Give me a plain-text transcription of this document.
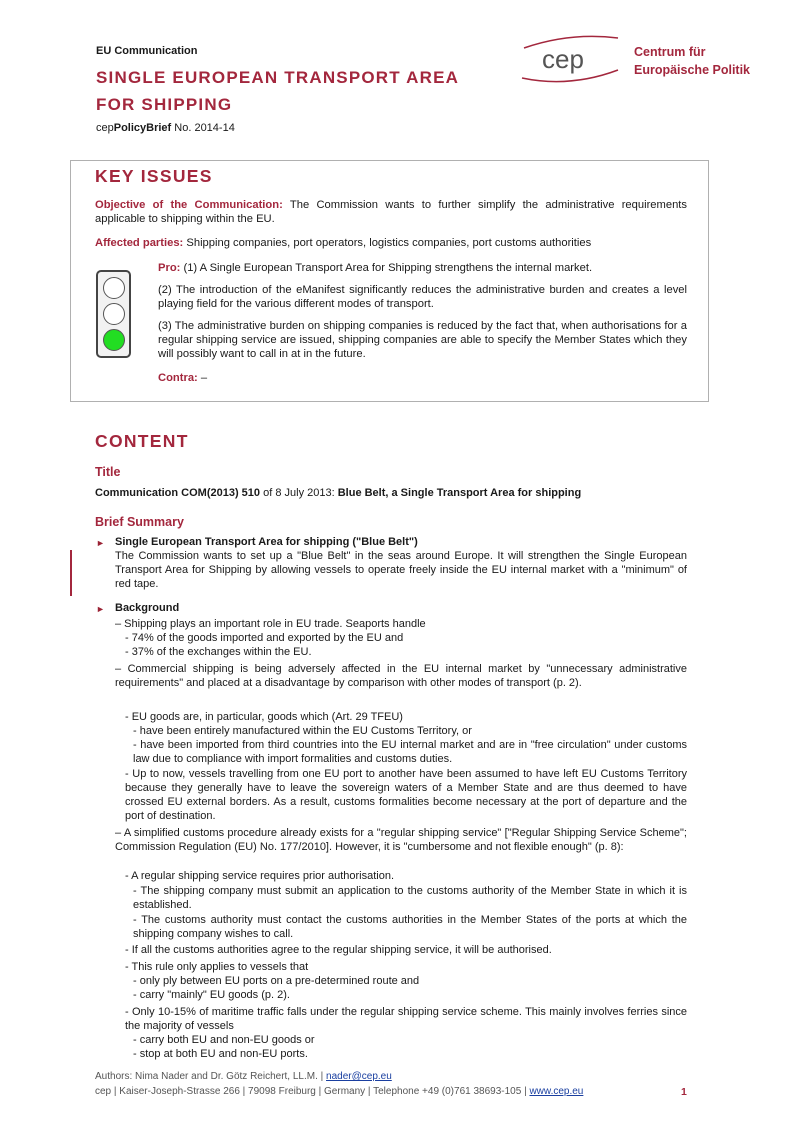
EU Communication
SINGLE EUROPEAN TRANSPORT AREA
FOR SHIPPING
cepPolicyBrief No. 2014-14
cep	Centrum für
Europäische Politik
KEY ISSUES
Objective of the Communication: The Commission wants to further simplify the administrative requirements applicable to shipping within the EU.
Affected parties: Shipping companies, port operators, logistics companies, port customs authorities
Pro: (1) A Single European Transport Area for Shipping strengthens the internal market.
(2) The introduction of the eManifest significantly reduces the administrative burden and creates a level playing field for the various different modes of transport.
(3) The administrative burden on shipping companies is reduced by the fact that, when authorisations for a regular shipping service are issued, shipping companies are able to specify the Member States which they will possibly want to call in at in the future.
Contra: –
CONTENT
Title
Communication COM(2013) 510 of 8 July 2013: Blue Belt, a Single Transport Area for shipping
Brief Summary
► Single European Transport Area for shipping ("Blue Belt")
The Commission wants to set up a "Blue Belt" in the seas around Europe. It will strengthen the Single European Transport Area for Shipping by allowing vessels to operate freely inside the EU internal market with a "minimum" of red tape.
► Background
– Shipping plays an important role in EU trade. Seaports handle
- 74% of the goods imported and exported by the EU and
- 37% of the exchanges within the EU.
– Commercial shipping is being adversely affected in the EU internal market by "unnecessary administrative requirements" and placed at a disadvantage by comparison with other modes of transport (p. 2).
- EU goods are, in particular, goods which (Art. 29 TFEU)
- have been entirely manufactured within the EU Customs Territory, or
- have been imported from third countries into the EU internal market and are in "free circulation" under customs law due to compliance with import formalities and customs duties.
- Up to now, vessels travelling from one EU port to another have been assumed to have left EU Customs Territory because they generally have to leave the sovereign waters of a Member State and are thus deemed to have crossed EU external borders. As a result, customs formalities become necessary at the port of departure and the port of destination.
– A simplified customs procedure already exists for a "regular shipping service" ["Regular Shipping Service Scheme"; Commission Regulation (EU) No. 177/2010]. However, it is "cumbersome and not flexible enough" (p. 8):
- A regular shipping service requires prior authorisation.
- The shipping company must submit an application to the customs authority of the Member State in which it is established.
- The customs authority must contact the customs authorities in the Member States of the ports at which the shipping company wishes to call.
- If all the customs authorities agree to the regular shipping service, it will be authorised.
- This rule only applies to vessels that
- only ply between EU ports on a pre-determined route and
- carry "mainly" EU goods (p. 2).
- Only 10-15% of maritime traffic falls under the regular shipping service scheme. This mainly involves ferries since the majority of vessels
- carry both EU and non-EU goods or
- stop at both EU and non-EU ports.
Authors: Nima Nader and Dr. Götz Reichert, LL.M. | nader@cep.eu
cep | Kaiser-Joseph-Strasse 266 | 79098 Freiburg | Germany | Telephone +49 (0)761 38693-105 | www.cep.eu	1
